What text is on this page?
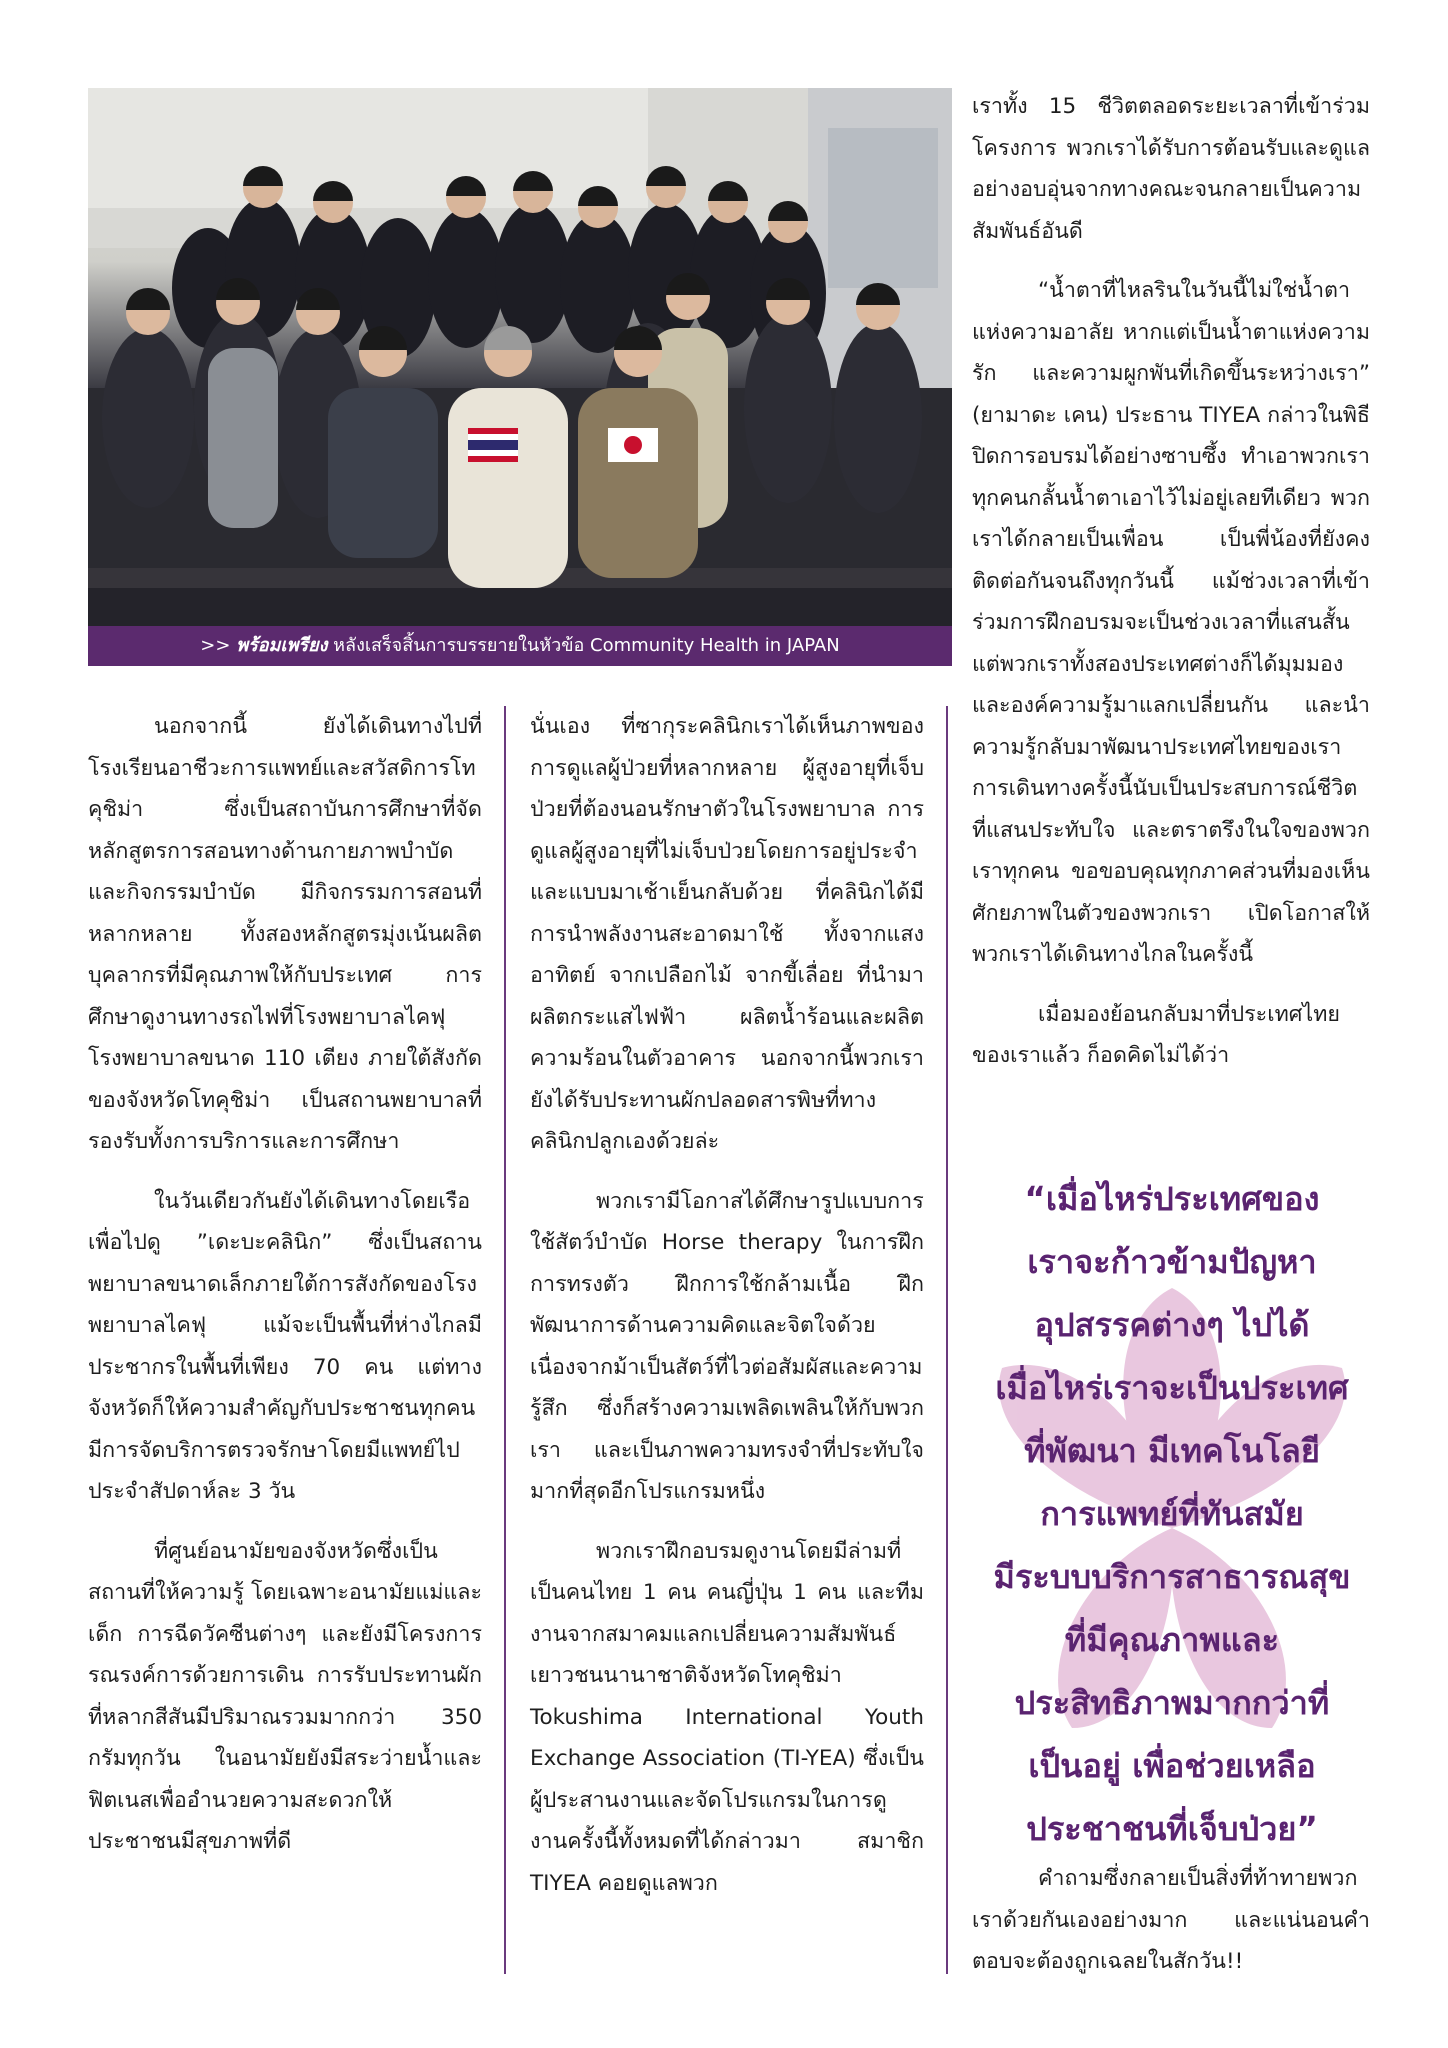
>> พร้อมเพรียง หลังเสร็จสิ้นการบรรยายในหัวข้อ Community Health in JAPAN

นอกจากนี้ ยังได้เดินทางไปที่โรงเรียนอาชีวะการแพทย์และสวัสดิการโทคุชิม่า ซึ่งเป็นสถาบันการศึกษาที่จัดหลักสูตรการสอนทางด้านกายภาพบำบัดและกิจกรรมบำบัด มีกิจกรรมการสอนที่หลากหลาย ทั้งสองหลักสูตรมุ่งเน้นผลิตบุคลากรที่มีคุณภาพให้กับประเทศ การศึกษาดูงานทางรถไฟที่โรงพยาบาลไคฟุ โรงพยาบาลขนาด 110 เตียง ภายใต้สังกัดของจังหวัดโทคุชิม่า เป็นสถานพยาบาลที่รองรับทั้งการบริการและการศึกษา

ในวันเดียวกันยังได้เดินทางโดยเรือเพื่อไปดู ”เดะบะคลินิก” ซึ่งเป็นสถานพยาบาลขนาดเล็กภายใต้การสังกัดของโรงพยาบาลไคฟุ แม้จะเป็นพื้นที่ห่างไกลมีประชากรในพื้นที่เพียง 70 คน แต่ทางจังหวัดก็ให้ความสำคัญกับประชาชนทุกคน มีการจัดบริการตรวจรักษาโดยมีแพทย์ไปประจำสัปดาห์ละ 3 วัน

ที่ศูนย์อนามัยของจังหวัดซึ่งเป็นสถานที่ให้ความรู้ โดยเฉพาะอนามัยแม่และเด็ก การฉีดวัคซีนต่างๆ และยังมีโครงการรณรงค์การด้วยการเดิน การรับประทานผักที่หลากสีสันมีปริมาณรวมมากกว่า 350 กรัมทุกวัน ในอนามัยยังมีสระว่ายน้ำและฟิตเนสเพื่ออำนวยความสะดวกให้ประชาชนมีสุขภาพที่ดี

นั่นเอง ที่ซากุระคลินิกเราได้เห็นภาพของการดูแลผู้ป่วยที่หลากหลาย ผู้สูงอายุที่เจ็บป่วยที่ต้องนอนรักษาตัวในโรงพยาบาล การดูแลผู้สูงอายุที่ไม่เจ็บป่วยโดยการอยู่ประจำ และแบบมาเช้าเย็นกลับด้วย ที่คลินิกได้มีการนำพลังงานสะอาดมาใช้ ทั้งจากแสงอาทิตย์ จากเปลือกไม้ จากขี้เลื่อย ที่นำมาผลิตกระแสไฟฟ้า ผลิตน้ำร้อนและผลิตความร้อนในตัวอาคาร นอกจากนี้พวกเรายังได้รับประทานผักปลอดสารพิษที่ทางคลินิกปลูกเองด้วยล่ะ

พวกเรามีโอกาสได้ศึกษารูปแบบการใช้สัตว์บำบัด Horse therapy ในการฝึกการทรงตัว ฝึกการใช้กล้ามเนื้อ ฝึกพัฒนาการด้านความคิดและจิตใจด้วย เนื่องจากม้าเป็นสัตว์ที่ไวต่อสัมผัสและความรู้สึก ซึ่งก็สร้างความเพลิดเพลินให้กับพวกเรา และเป็นภาพความทรงจำที่ประทับใจมากที่สุดอีกโปรแกรมหนึ่ง

พวกเราฝึกอบรมดูงานโดยมีล่ามที่เป็นคนไทย 1 คน คนญี่ปุ่น 1 คน และทีมงานจากสมาคมแลกเปลี่ยนความสัมพันธ์เยาวชนนานาชาติจังหวัดโทคุชิม่า Tokushima International Youth Exchange Association (TI-YEA) ซึ่งเป็นผู้ประสานงานและจัดโปรแกรมในการดูงานครั้งนี้ทั้งหมดที่ได้กล่าวมา สมาชิก TIYEA คอยดูแลพวก

เราทั้ง 15 ชีวิตตลอดระยะเวลาที่เข้าร่วมโครงการ พวกเราได้รับการต้อนรับและดูแลอย่างอบอุ่นจากทางคณะจนกลายเป็นความสัมพันธ์อันดี

“น้ำตาที่ไหลรินในวันนี้ไม่ใช่น้ำตาแห่งความอาลัย หากแต่เป็นน้ำตาแห่งความรัก และความผูกพันที่เกิดขึ้นระหว่างเรา” (ยามาดะ เคน) ประธาน TIYEA กล่าวในพิธีปิดการอบรมได้อย่างซาบซึ้ง ทำเอาพวกเราทุกคนกลั้นน้ำตาเอาไว้ไม่อยู่เลยทีเดียว พวกเราได้กลายเป็นเพื่อน เป็นพี่น้องที่ยังคงติดต่อกันจนถึงทุกวันนี้ แม้ช่วงเวลาที่เข้าร่วมการฝึกอบรมจะเป็นช่วงเวลาที่แสนสั้น แต่พวกเราทั้งสองประเทศต่างก็ได้มุมมองและองค์ความรู้มาแลกเปลี่ยนกัน และนำความรู้กลับมาพัฒนาประเทศไทยของเรา การเดินทางครั้งนี้นับเป็นประสบการณ์ชีวิตที่แสนประทับใจ และตราตรึงในใจของพวกเราทุกคน ขอขอบคุณทุกภาคส่วนที่มองเห็นศักยภาพในตัวของพวกเรา เปิดโอกาสให้พวกเราได้เดินทางไกลในครั้งนี้

เมื่อมองย้อนกลับมาที่ประเทศไทยของเราแล้ว ก็อดคิดไม่ได้ว่า

“เมื่อไหร่ประเทศของ
เราจะก้าวข้ามปัญหา
อุปสรรคต่างๆ ไปได้
เมื่อไหร่เราจะเป็นประเทศ
ที่พัฒนา มีเทคโนโลยี
การแพทย์ที่ทันสมัย
มีระบบบริการสาธารณสุข
ที่มีคุณภาพและ
ประสิทธิภาพมากกว่าที่
เป็นอยู่ เพื่อช่วยเหลือ
ประชาชนที่เจ็บป่วย”

คำถามซึ่งกลายเป็นสิ่งที่ท้าทายพวกเราด้วยกันเองอย่างมาก และแน่นอนคำตอบจะต้องถูกเฉลยในสักวัน!!
